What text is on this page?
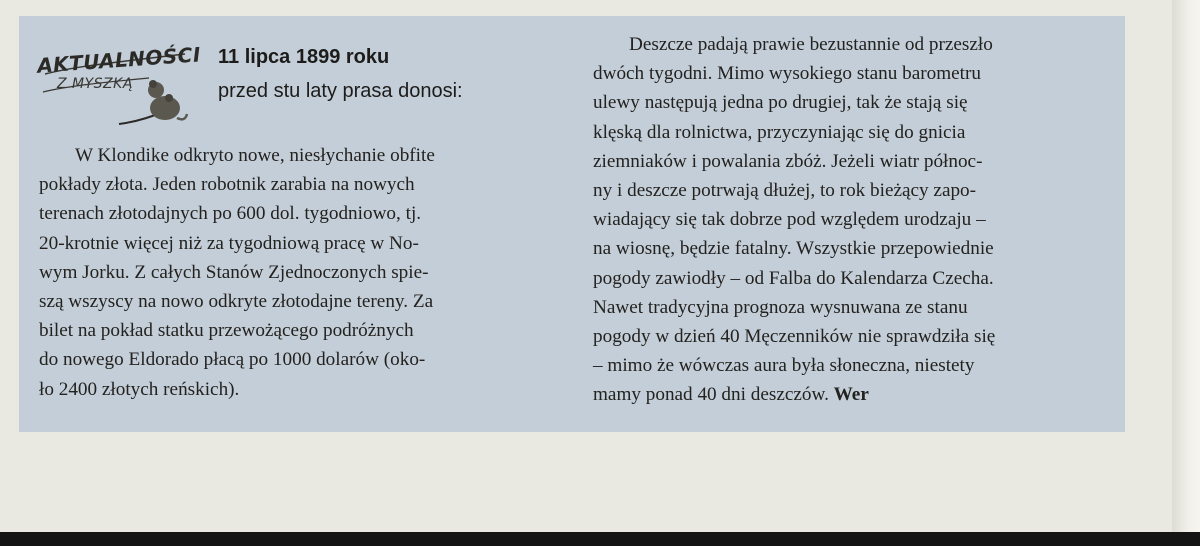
AKTUALNOŚCI
Z MYSZKĄ
11 lipca 1899 roku
przed stu laty prasa donosi:
W Klondike odkryto nowe, niesłychanie obfite
pokłady złota. Jeden robotnik zarabia na nowych
terenach złotodajnych po 600 dol. tygodniowo, tj.
20-krotnie więcej niż za tygodniową pracę w No-
wym Jorku. Z całych Stanów Zjednoczonych spie-
szą wszyscy na nowo odkryte złotodajne tereny. Za
bilet na pokład statku przewożącego podróżnych
do nowego Eldorado płacą po 1000 dolarów (oko-
ło 2400 złotych reńskich).
Deszcze padają prawie bezustannie od przeszło
dwóch tygodni. Mimo wysokiego stanu barometru
ulewy następują jedna po drugiej, tak że stają się
klęską dla rolnictwa, przyczyniając się do gnicia
ziemniaków i powalania zbóż. Jeżeli wiatr północ-
ny i deszcze potrwają dłużej, to rok bieżący zapo-
wiadający się tak dobrze pod względem urodzaju –
na wiosnę, będzie fatalny. Wszystkie przepowiednie
pogody zawiodły – od Falba do Kalendarza Czecha.
Nawet tradycyjna prognoza wysnuwana ze stanu
pogody w dzień 40 Męczenników nie sprawdziła się
– mimo że wówczas aura była słoneczna, niestety
mamy ponad 40 dni deszczów. Wer
